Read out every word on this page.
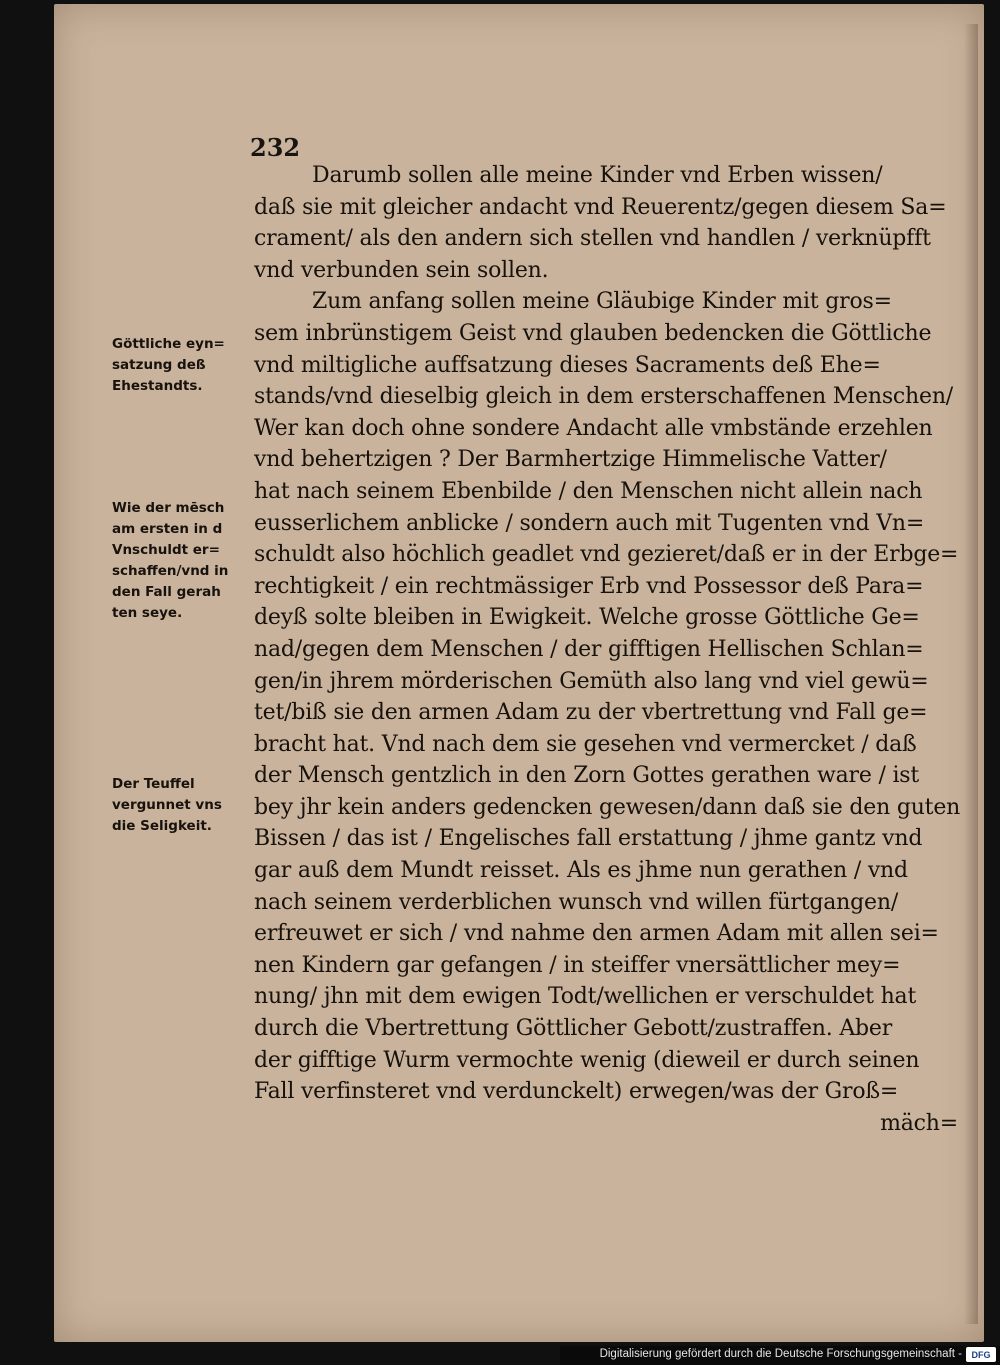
232
Darumb sollen alle meine Kinder vnd Erben wissen/
daß sie mit gleicher andacht vnd Reuerentz/gegen diesem Sa=
crament/ als den andern sich stellen vnd handlen / verknüpfft
vnd verbunden sein sollen.
Zum anfang sollen meine Gläubige Kinder mit gros=
sem inbrünstigem Geist vnd glauben bedencken die Göttliche
vnd miltigliche auffsatzung dieses Sacraments deß Ehe=
stands/vnd dieselbig gleich in dem ersterschaffenen Menschen/
Wer kan doch ohne sondere Andacht alle vmbstände erzehlen
vnd behertzigen ? Der Barmhertzige Himmelische Vatter/
hat nach seinem Ebenbilde / den Menschen nicht allein nach
eusserlichem anblicke / sondern auch mit Tugenten vnd Vn=
schuldt also höchlich geadlet vnd gezieret/daß er in der Erbge=
rechtigkeit / ein rechtmässiger Erb vnd Possessor deß Para=
deyß solte bleiben in Ewigkeit. Welche grosse Göttliche Ge=
nad/gegen dem Menschen / der gifftigen Hellischen Schlan=
gen/in jhrem mörderischen Gemüth also lang vnd viel gewü=
tet/biß sie den armen Adam zu der vbertrettung vnd Fall ge=
bracht hat. Vnd nach dem sie gesehen vnd vermercket / daß
der Mensch gentzlich in den Zorn Gottes gerathen ware / ist
bey jhr kein anders gedencken gewesen/dann daß sie den guten
Bissen / das ist / Engelisches fall erstattung / jhme gantz vnd
gar auß dem Mundt reisset. Als es jhme nun gerathen / vnd
nach seinem verderblichen wunsch vnd willen fürtgangen/
erfreuwet er sich / vnd nahme den armen Adam mit allen sei=
nen Kindern gar gefangen / in steiffer vnersättlicher mey=
nung/ jhn mit dem ewigen Todt/wellichen er verschuldet hat
durch die Vbertrettung Göttlicher Gebott/zustraffen. Aber
der gifftige Wurm vermochte wenig (dieweil er durch seinen
Fall verfinsteret vnd verdunckelt) erwegen/was der Groß=
mäch=
Göttliche eyn=
satzung deß
Ehestandts.
Wie der mēsch
am ersten in d
Vnschuldt er=
schaffen/vnd in
den Fall gerah
ten seye.
Der Teuffel
vergunnet vns
die Seligkeit.
Digitalisierung gefördert durch die Deutsche Forschungsgemeinschaft -	DFG
